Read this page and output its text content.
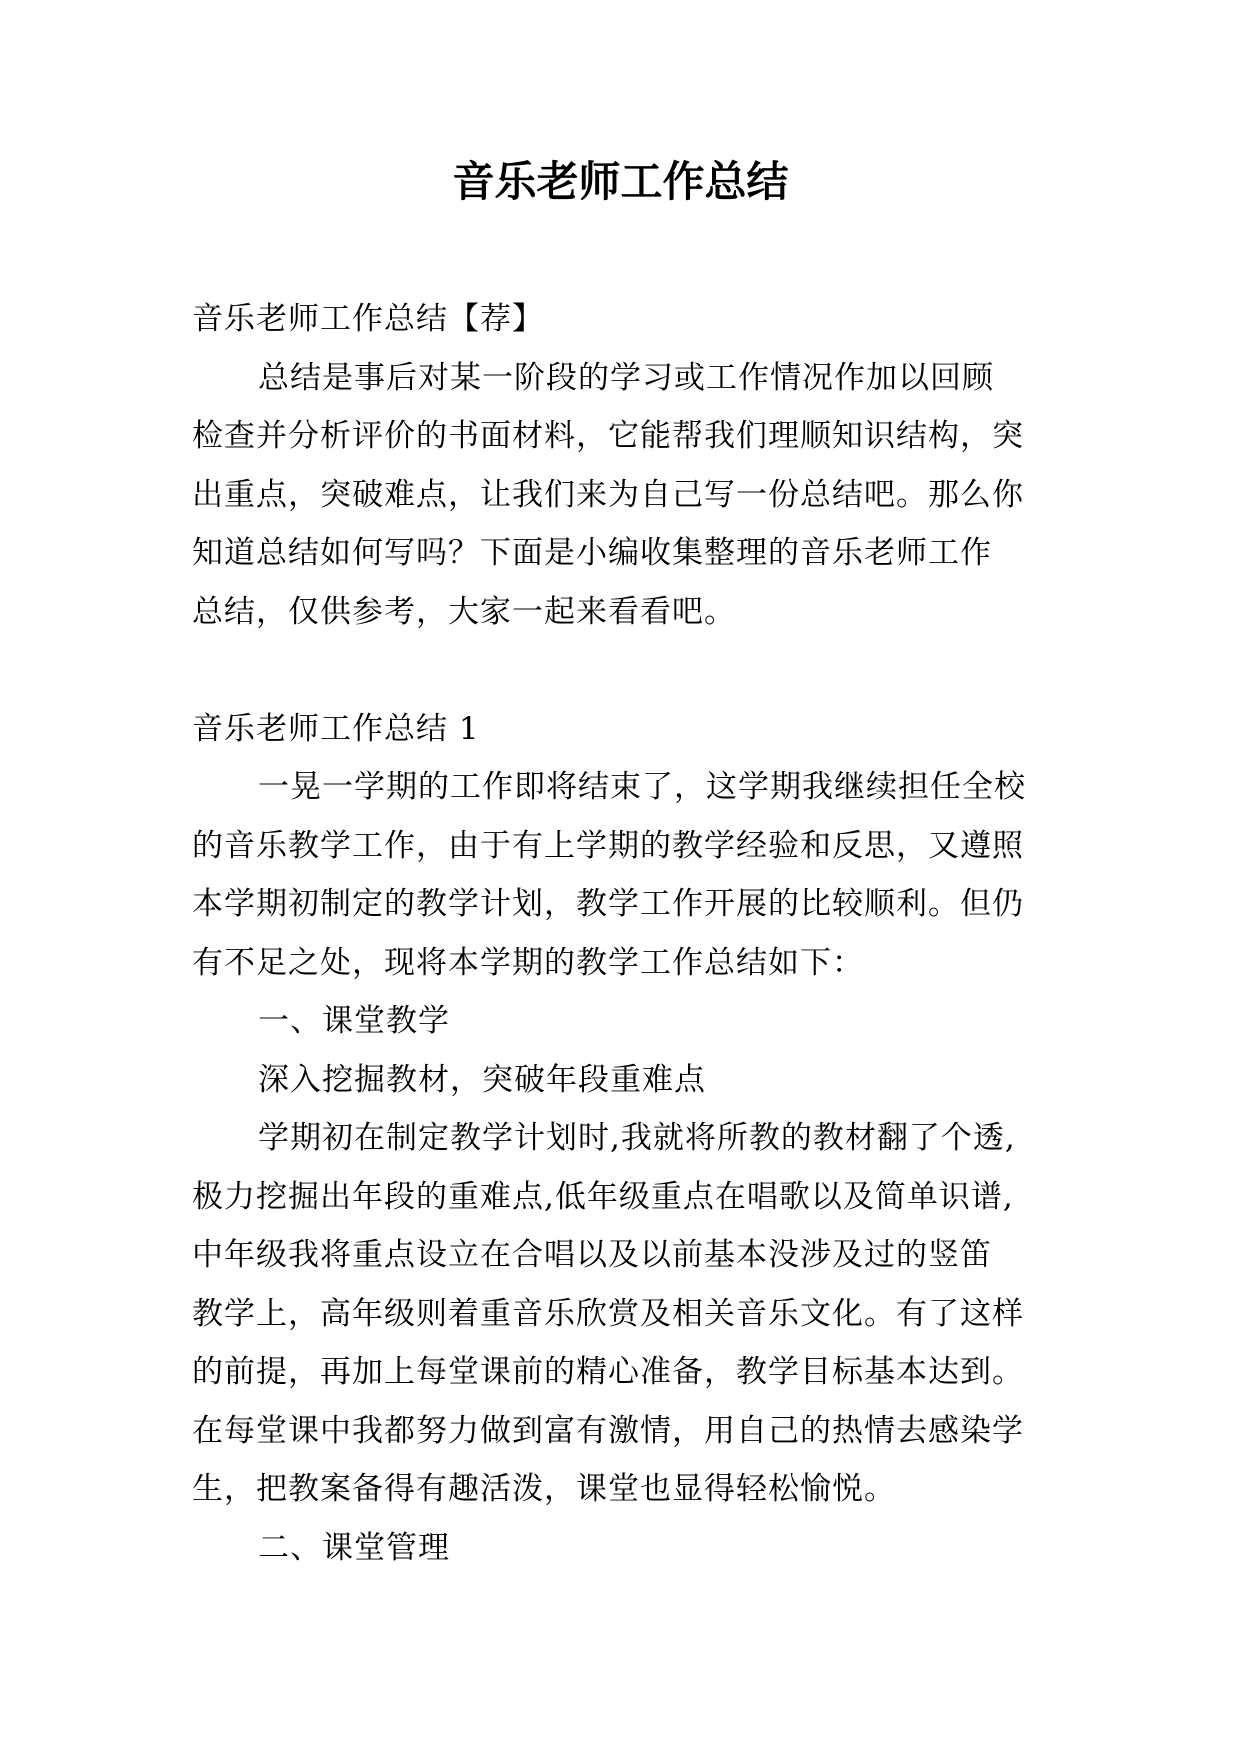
音乐老师工作总结
音乐老师工作总结【荐】
总结是事后对某一阶段的学习或工作情况作加以回顾
检查并分析评价的书面材料，它能帮我们理顺知识结构，突
出重点，突破难点，让我们来为自己写一份总结吧。那么你
知道总结如何写吗？下面是小编收集整理的音乐老师工作
总结，仅供参考，大家一起来看看吧。
音乐老师工作总结 1
一晃一学期的工作即将结束了，这学期我继续担任全校
的音乐教学工作，由于有上学期的教学经验和反思，又遵照
本学期初制定的教学计划，教学工作开展的比较顺利。但仍
有不足之处，现将本学期的教学工作总结如下：
一、课堂教学
深入挖掘教材，突破年段重难点
学期初在制定教学计划时,我就将所教的教材翻了个透,
极力挖掘出年段的重难点,低年级重点在唱歌以及简单识谱,
中年级我将重点设立在合唱以及以前基本没涉及过的竖笛
教学上，高年级则着重音乐欣赏及相关音乐文化。有了这样
的前提，再加上每堂课前的精心准备，教学目标基本达到。
在每堂课中我都努力做到富有激情，用自己的热情去感染学
生，把教案备得有趣活泼，课堂也显得轻松愉悦。
二、课堂管理
